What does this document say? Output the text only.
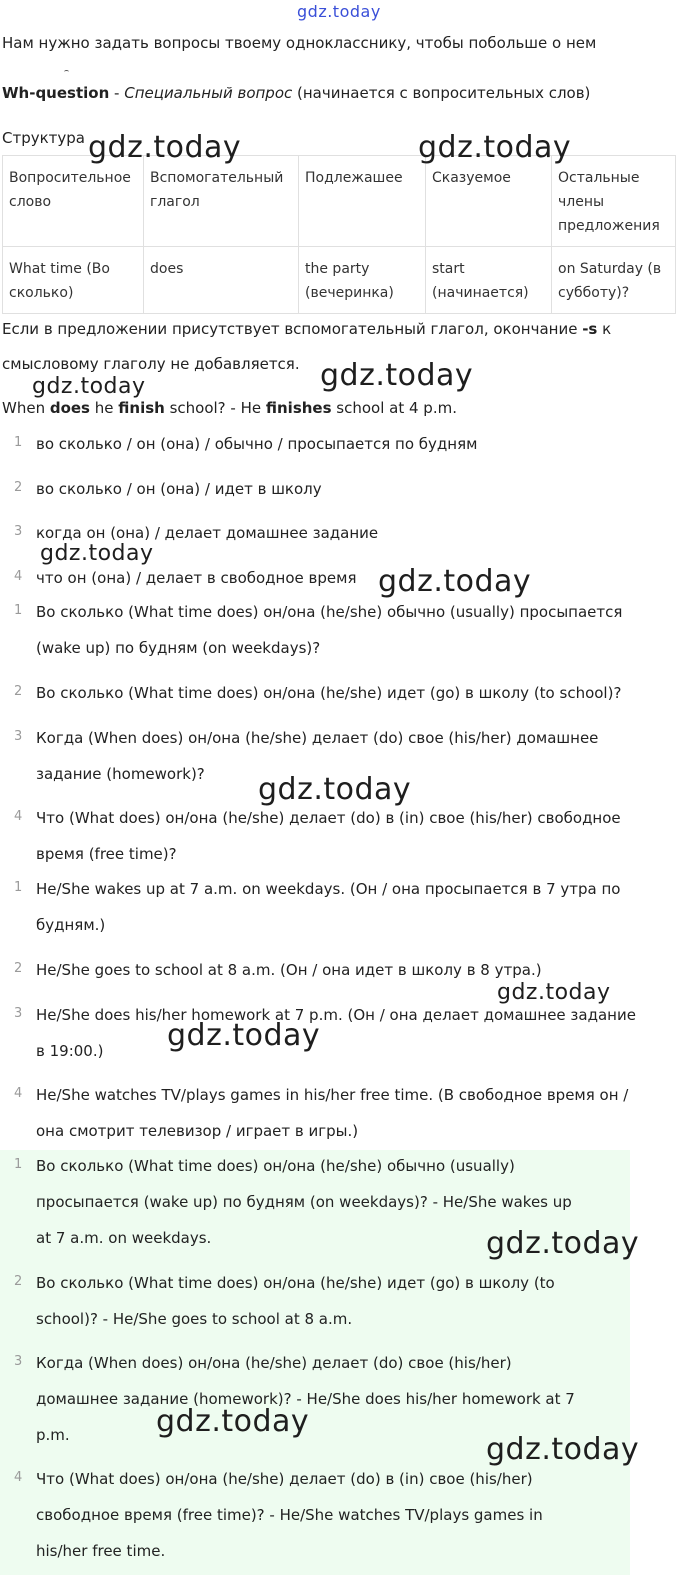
gdz.today
Нам нужно задать вопросы твоему однокласснику, чтобы побольше о нем
Wh-question - Специальный вопрос (начинается с вопросительных слов)
Структура
Вопросительное слово	Вспомогательный глагол	Подлежашее	Сказуемое	Остальные члены предложения
What time (Во сколько)	does	the party (вечеринка)	start (начинается)	on Saturday (в субботу)?
Если в предложении присутствует вспомогательный глагол, окончание -s к
смысловому глаголу не добавляется.
When does he finish school? - He finishes school at 4 p.m.
1 во сколько / он (она) / обычно / просыпается по будням
2 во сколько / он (она) / идет в школу
3 когда он (она) / делает домашнее задание
4 что он (она) / делает в свободное время
1 Во сколько (What time does) он/она (he/she) обычно (usually) просыпается
(wake up) по будням (on weekdays)?
2 Во сколько (What time does) он/она (he/she) идет (go) в школу (to school)?
3 Когда (When does) он/она (he/she) делает (do) свое (his/her) домашнее
задание (homework)?
4 Что (What does) он/она (he/she) делает (do) в (in) свое (his/her) свободное
время (free time)?
1 He/She wakes up at 7 a.m. on weekdays. (Он / она просыпается в 7 утра по
будням.)
2 He/She goes to school at 8 a.m. (Он / она идет в школу в 8 утра.)
3 He/She does his/her homework at 7 p.m. (Он / она делает домашнее задание
в 19:00.)
4 He/She watches TV/plays games in his/her free time. (В свободное время он /
она смотрит телевизор / играет в игры.)
1 Во сколько (What time does) он/она (he/she) обычно (usually)
просыпается (wake up) по будням (on weekdays)? - He/She wakes up
at 7 a.m. on weekdays.
2 Во сколько (What time does) он/она (he/she) идет (go) в школу (to
school)? - He/She goes to school at 8 a.m.
3 Когда (When does) он/она (he/she) делает (do) свое (his/her)
домашнее задание (homework)? - He/She does his/her homework at 7
p.m.
4 Что (What does) он/она (he/she) делает (do) в (in) свое (his/her)
свободное время (free time)? - He/She watches TV/plays games in
his/her free time.
gdz.today	gdz.today
gdz.today
gdz.today
gdz.today
gdz.today
gdz.today
gdz.today
gdz.today
gdz.today
gdz.today
gdz.today
